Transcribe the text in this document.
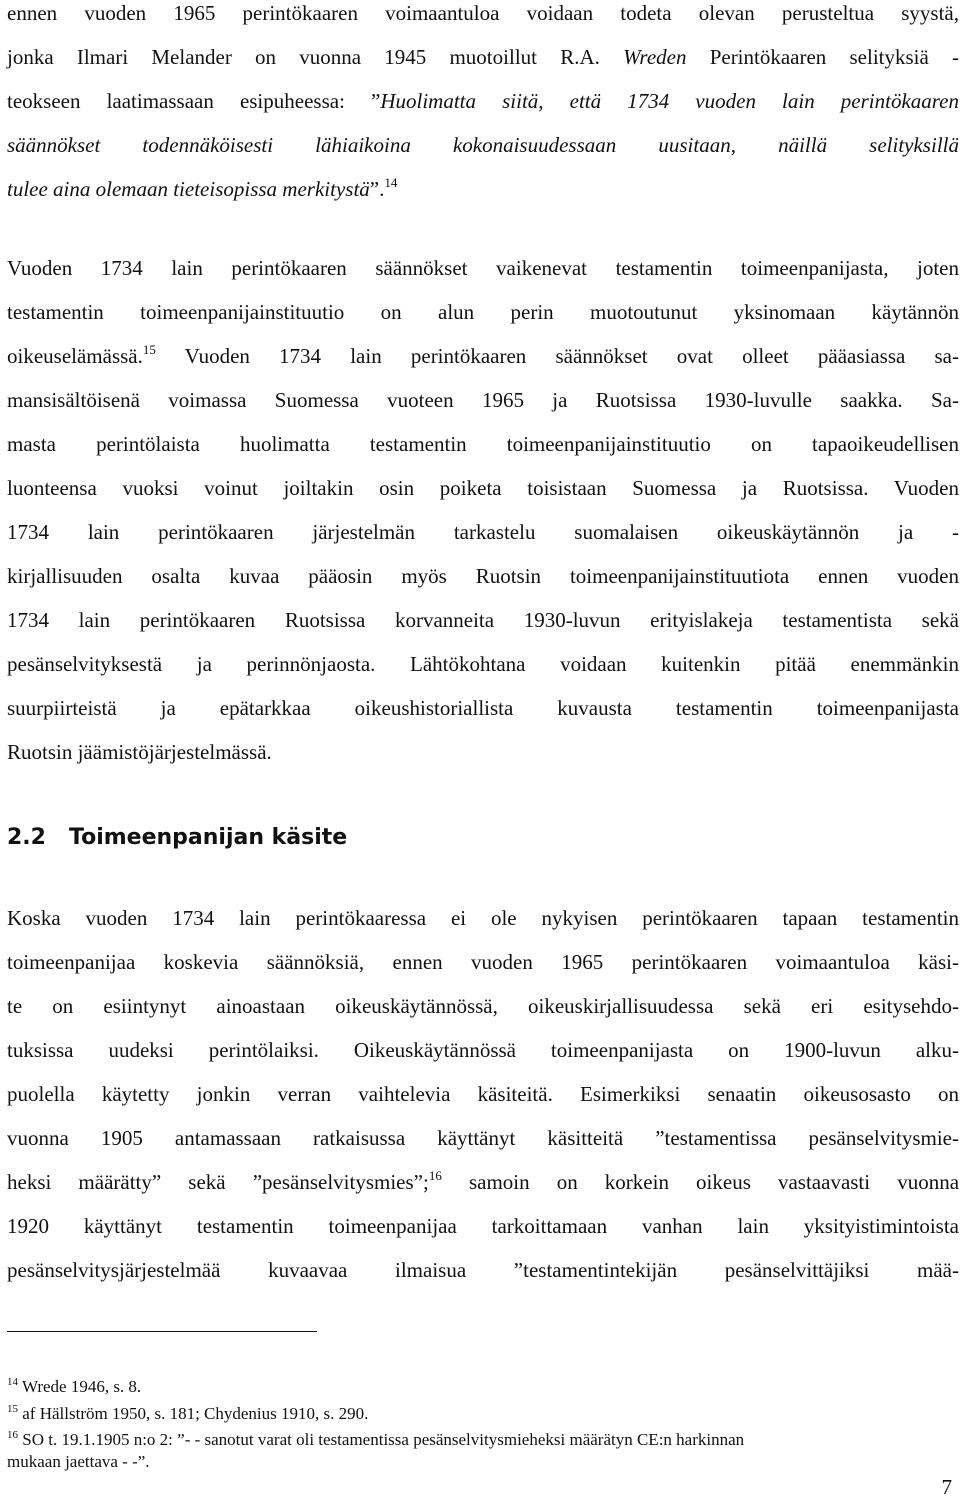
ennen vuoden 1965 perintökaaren voimaantuloa voidaan todeta olevan perusteltua syystä,
jonka Ilmari Melander on vuonna 1945 muotoillut R.A. Wreden Perintökaaren selityksiä -
teokseen laatimassaan esipuheessa: ”Huolimatta siitä, että 1734 vuoden lain perintökaaren
säännökset todennäköisesti lähiaikoina kokonaisuudessaan uusitaan, näillä selityksillä
tulee aina olemaan tieteisopissa merkitystä”.$^{14}$
Vuoden 1734 lain perintökaaren säännökset vaikenevat testamentin toimeenpanijasta, joten
testamentin toimeenpanijainstituutio on alun perin muotoutunut yksinomaan käytännön
oikeuselämässä.$^{15}$ Vuoden 1734 lain perintökaaren säännökset ovat olleet pääasiassa sa-
mansisältöisenä voimassa Suomessa vuoteen 1965 ja Ruotsissa 1930-luvulle saakka. Sa-
masta perintölaista huolimatta testamentin toimeenpanijainstituutio on tapaoikeudellisen
luonteensa vuoksi voinut joiltakin osin poiketa toisistaan Suomessa ja Ruotsissa. Vuoden
1734 lain perintökaaren järjestelmän tarkastelu suomalaisen oikeuskäytännön ja -
kirjallisuuden osalta kuvaa pääosin myös Ruotsin toimeenpanijainstituutiota ennen vuoden
1734 lain perintökaaren Ruotsissa korvanneita 1930-luvun erityislakeja testamentista sekä
pesänselvityksestä ja perinnönjaosta. Lähtökohtana voidaan kuitenkin pitää enemmänkin
suurpiirteistä ja epätarkkaa oikeushistoriallista kuvausta testamentin toimeenpanijasta
Ruotsin jäämistöjärjestelmässä.
2.2 Toimeenpanijan käsite
Koska vuoden 1734 lain perintökaaressa ei ole nykyisen perintökaaren tapaan testamentin
toimeenpanijaa koskevia säännöksiä, ennen vuoden 1965 perintökaaren voimaantuloa käsi-
te on esiintynyt ainoastaan oikeuskäytännössä, oikeuskirjallisuudessa sekä eri esitysehdo-
tuksissa uudeksi perintölaiksi. Oikeuskäytännössä toimeenpanijasta on 1900-luvun alku-
puolella käytetty jonkin verran vaihtelevia käsiteitä. Esimerkiksi senaatin oikeusosasto on
vuonna 1905 antamassaan ratkaisussa käyttänyt käsitteitä ”testamentissa pesänselvitysmie-
heksi määrätty” sekä ”pesänselvitysmies”;$^{16}$ samoin on korkein oikeus vastaavasti vuonna
1920 käyttänyt testamentin toimeenpanijaa tarkoittamaan vanhan lain yksityistimintoista
pesänselvitysjärjestelmää kuvaavaa ilmaisua ”testamentintekijän pesänselvittäjiksi mää-
$^{14}$ Wrede 1946, s. 8.
$^{15}$ af Hällström 1950, s. 181; Chydenius 1910, s. 290.
$^{16}$ SO t. 19.1.1905 n:o 2: ”- - sanotut varat oli testamentissa pesänselvitysmieheksi määrätyn CE:n harkinnan
mukaan jaettava - -”.
7
